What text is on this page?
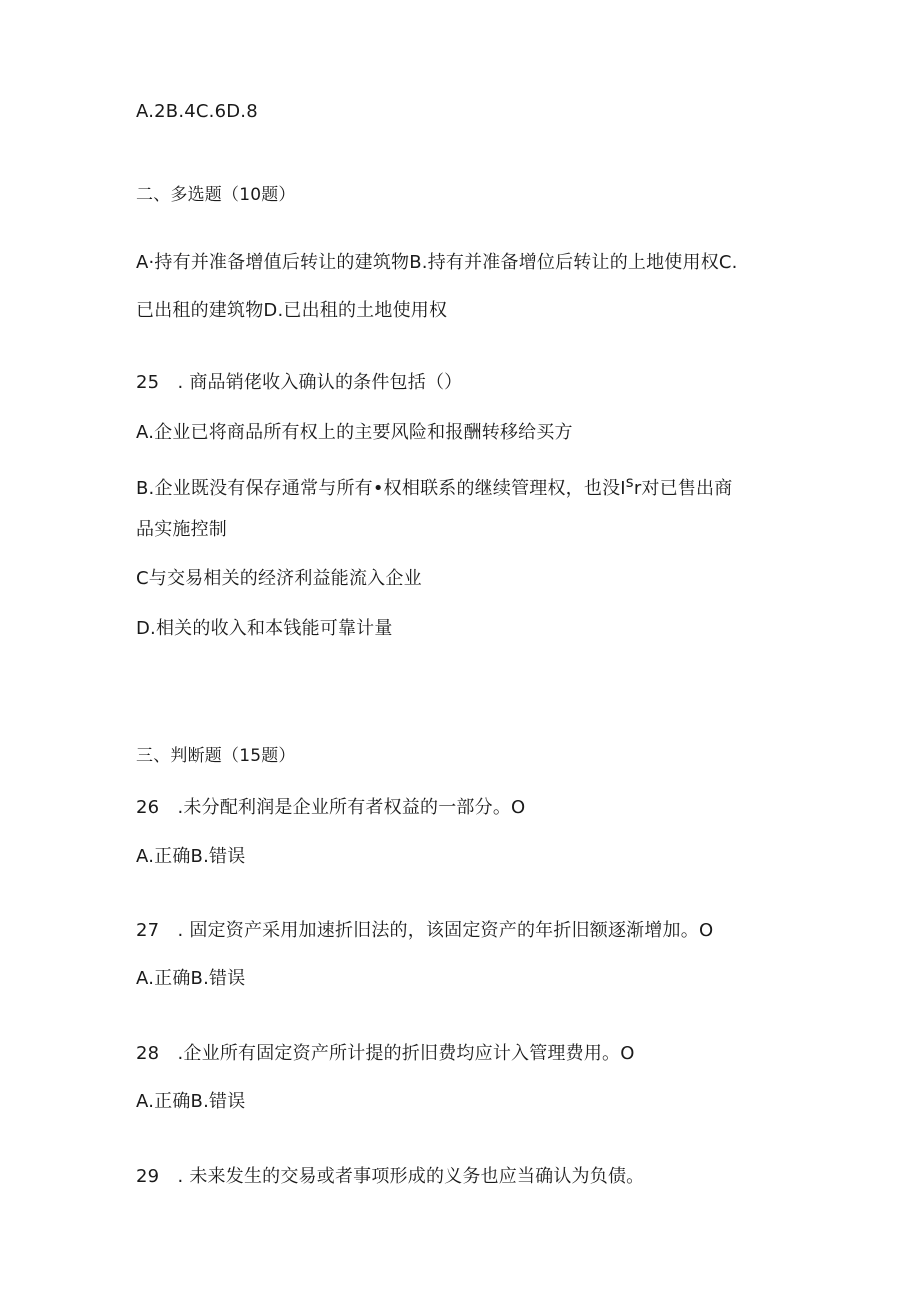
A.2B.4C.6D.8
二、多选题（10题）
A·持有并准备增值后转让的建筑物B.持有并准备增位后转让的上地使用权C.
已出租的建筑物D.已出租的土地使用权
25　. 商品销佬收入确认的条件包括（）
A.企业已将商品所有权上的主要风险和报酬转移给买方
B.企业既没有保存通常与所有•权相联系的继续管理权，也没$I^sr$对已售出商
品实施控制
C与交易相关的经济利益能流入企业
D.相关的收入和本钱能可靠计量
三、判断题（15题）
26　.未分配利润是企业所有者权益的一部分。O
A.正确B.错误
27　. 固定资产采用加速折旧法的，该固定资产的年折旧额逐渐增加。O
A.正确B.错误
28　.企业所有固定资产所计提的折旧费均应计入管理费用。O
A.正确B.错误
29　. 未来发生的交易或者事项形成的义务也应当确认为负债。
